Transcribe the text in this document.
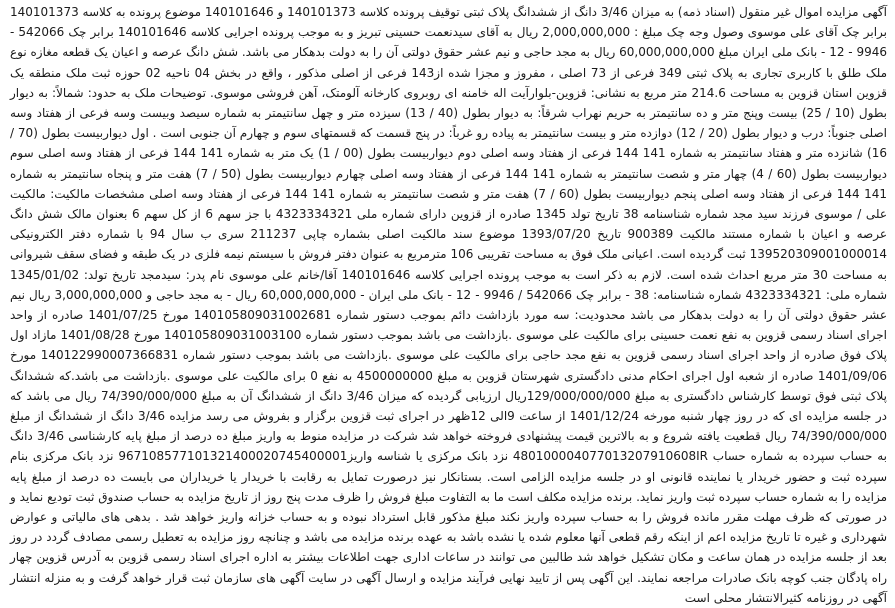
آگهی مزایده اموال غیر منقول (اسناد ذمه) به میزان 3/46 دانگ از ششدانگ پلاک ثبتی توقیف پرونده کلاسه 140101373 و 140101646 موضوع پرونده به کلاسه 140101373 برابر چک آقای علی موسوی وصول وجه چک مبلغ : 2,000,000,000 ریال به آقای سیدنعمت حسینی تبریز و به موجب پرونده اجرایی کلاسه 140101646 برابر چک 542066 - 9946 - 12 - بانک ملی ایران مبلغ 60,000,000,000 ریال به مجد حاجی و نیم عشر حقوق دولتی آن را به دولت بدهکار می باشد. شش دانگ عرصه و اعیان یک قطعه مغازه نوع ملک طلق با کاربری تجاری به پلاک ثبتی 349 فرعی از 73 اصلی ، مفروز و مجزا شده از143 فرعی از اصلی مذکور ، واقع در بخش 04 ناحیه 02 حوزه ثبت ملک منطقه یک قزوین استان قزوین به مساحت 214.6 متر مربع به نشانی: قزوین-بلوارآیت اله خامنه ای روبروی کارخانه آلومتک، آهن فروشی موسوی. توضیحات ملک به حدود: شمالاً: به دیوار بطول (10 / 25) بیست وپنج متر و ده سانتیمتر به حریم نهراب شرقاً: به دیوار بطول (40 / 13) سیزده متر و چهل سانتیمتر به شماره سیصد وبیست وسه فرعی از هفتاد وسه اصلی جنوباً: درب و دیوار بطول (20 / 12) دوازده متر و بیست سانتیمتر به پیاده رو غرباً: در پنج قسمت که قسمتهای سوم و چهارم آن جنوبی است . اول دیواربیست بطول (70 / 16) شانزده متر و هفتاد سانتیمتر به شماره 141 144 فرعی از هفتاد وسه اصلی دوم دیواربیست بطول (00 / 1) یک متر به شماره 141 144 فرعی از هفتاد وسه اصلی سوم دیواربیست بطول (60 / 4) چهار متر و شصت سانتیمتر به شماره 141 144 فرعی از هفتاد وسه اصلی چهارم دیواربیست بطول (50 / 7) هفت متر و پنجاه سانتیمتر به شماره 141 144 فرعی از هفتاد وسه اصلی پنجم دیواربیست بطول (60 / 7) هفت متر و شصت سانتیمتر به شماره 141 144 فرعی از هفتاد وسه اصلی مشخصات مالکیت: مالکیت علی / موسوی فرزند سید مجد شماره شناسنامه 38 تاریخ تولد 1345 صادره از قزوین دارای شماره ملی 4323334321 با جز سهم 6 از کل سهم 6 بعنوان مالک شش دانگ عرصه و اعیان با شماره مستند مالکیت 900389 تاریخ 1393/07/20 موضوع سند مالکیت اصلی بشماره چاپی 211237 سری ب سال 94 با شماره دفتر الکترونیکی 139520309001000014 ثبت گردیده است. اعیانی ملک فوق به مساحت تقریبی 106 مترمربع به عنوان دفتر فروش با سیستم نیمه فلزی در یک طبقه و فضای سقف شیروانی به مساحت 30 متر مربع احداث شده است. لازم به ذکر است به موجب پرونده اجرایی کلاسه 140101646 آقا/خانم علی موسوی نام پدر: سیدمجد تاریخ تولد: 1345/01/02 شماره ملی: 4323334321 شماره شناسنامه: 38 - برابر چک 542066 / 9946 - 12 - بانک ملی ایران - 60,000,000,000 ریال - به مجد حاجی و 3,000,000,000 ریال نیم عشر حقوق دولتی آن را به دولت بدهکار می باشد محدودیت: سه مورد بازداشت دائم بموجب دستور شماره 140105809031002681 مورخ 1401/07/25 صادره از واحد اجرای اسناد رسمی قزوین به نفع نعمت حسینی برای مالکیت علی موسوی .بازداشت می باشد بموجب دستور شماره 140105809031003100 مورخ 1401/08/28 مازاد اول پلاک فوق صادره از واحد اجرای اسناد رسمی قزوین به نفع مجد حاجی برای مالکیت علی موسوی .بازداشت می باشد بموجب دستور شماره 140122990007366831 مورخ 1401/09/06 صادره از شعبه اول اجرای احکام مدنی دادگستری شهرستان قزوین به مبلغ 4500000000 به نفع 0 برای مالکیت علی موسوی .بازداشت می باشد.که ششدانگ پلاک ثبتی فوق توسط کارشناس دادگستری به مبلغ 129/000/000/000ریال ارزیابی گردیده که میزان 3/46 دانگ از ششدانگ آن به مبلغ 74/390/000/000 ریال می باشد که در جلسه مزایده ای که در روز چهار شنبه مورخه 1401/12/24 از ساعت 9الی 12ظهر در اجرای ثبت قزوین برگزار و بفروش می رسد مزایده 3/46 دانگ از ششدانگ از مبلغ 74/390/000/000 ریال قطعیت یافته شروع و به بالاترین قیمت پیشنهادی فروخته خواهد شد شرکت در مزایده منوط به واریز مبلغ ده درصد از مبلغ پایه کارشناسی 3/46 دانگ به حساب سپرده به شماره حساب 480100004077013207910608IR نزد بانک مرکزی یا شناسه واریز967108577101321400020745400001 نزد بانک مرکزی بنام سپرده ثبت و حضور خریدار یا نماینده قانونی او در جلسه مزایده الزامی است. بستانکار نیز درصورت تمایل به رقابت با خریدار یا خریداران می بایست ده درصد از مبلغ پایه مزایده را به شماره حساب سپرده ثبت واریز نماید. برنده مزایده مکلف است ما به التفاوت مبلغ فروش را ظرف مدت پنج روز از تاریخ مزایده به حساب صندوق ثبت تودیع نماید و در صورتی که ظرف مهلت مقرر مانده فروش را به حساب سپرده واریز نکند مبلغ مذکور قابل استرداد نبوده و به حساب خزانه واریز خواهد شد . بدهی های مالیاتی و عوارض شهرداری و غیره تا تاریخ مزایده اعم از اینکه رقم قطعی آنها معلوم شده یا نشده باشد به عهده برنده مزایده می باشد و چنانچه روز مزایده به تعطیل رسمی مصادف گردد در روز بعد از جلسه مزایده در همان ساعت و مکان تشکیل خواهد شد طالبین می توانند در ساعات اداری جهت اطلاعات بیشتر به اداره اجرای اسناد رسمی قزوین به آدرس قزوین چهار راه پادگان جنب کوچه بانک صادرات مراجعه نمایند. این آگهی پس از تایید نهایی فرآیند مزایده و ارسال آگهی در سایت آگهی های سازمان ثبت قرار خواهد گرفت و به منزله انتشار آگهی در روزنامه کثیرالانتشار محلی است
